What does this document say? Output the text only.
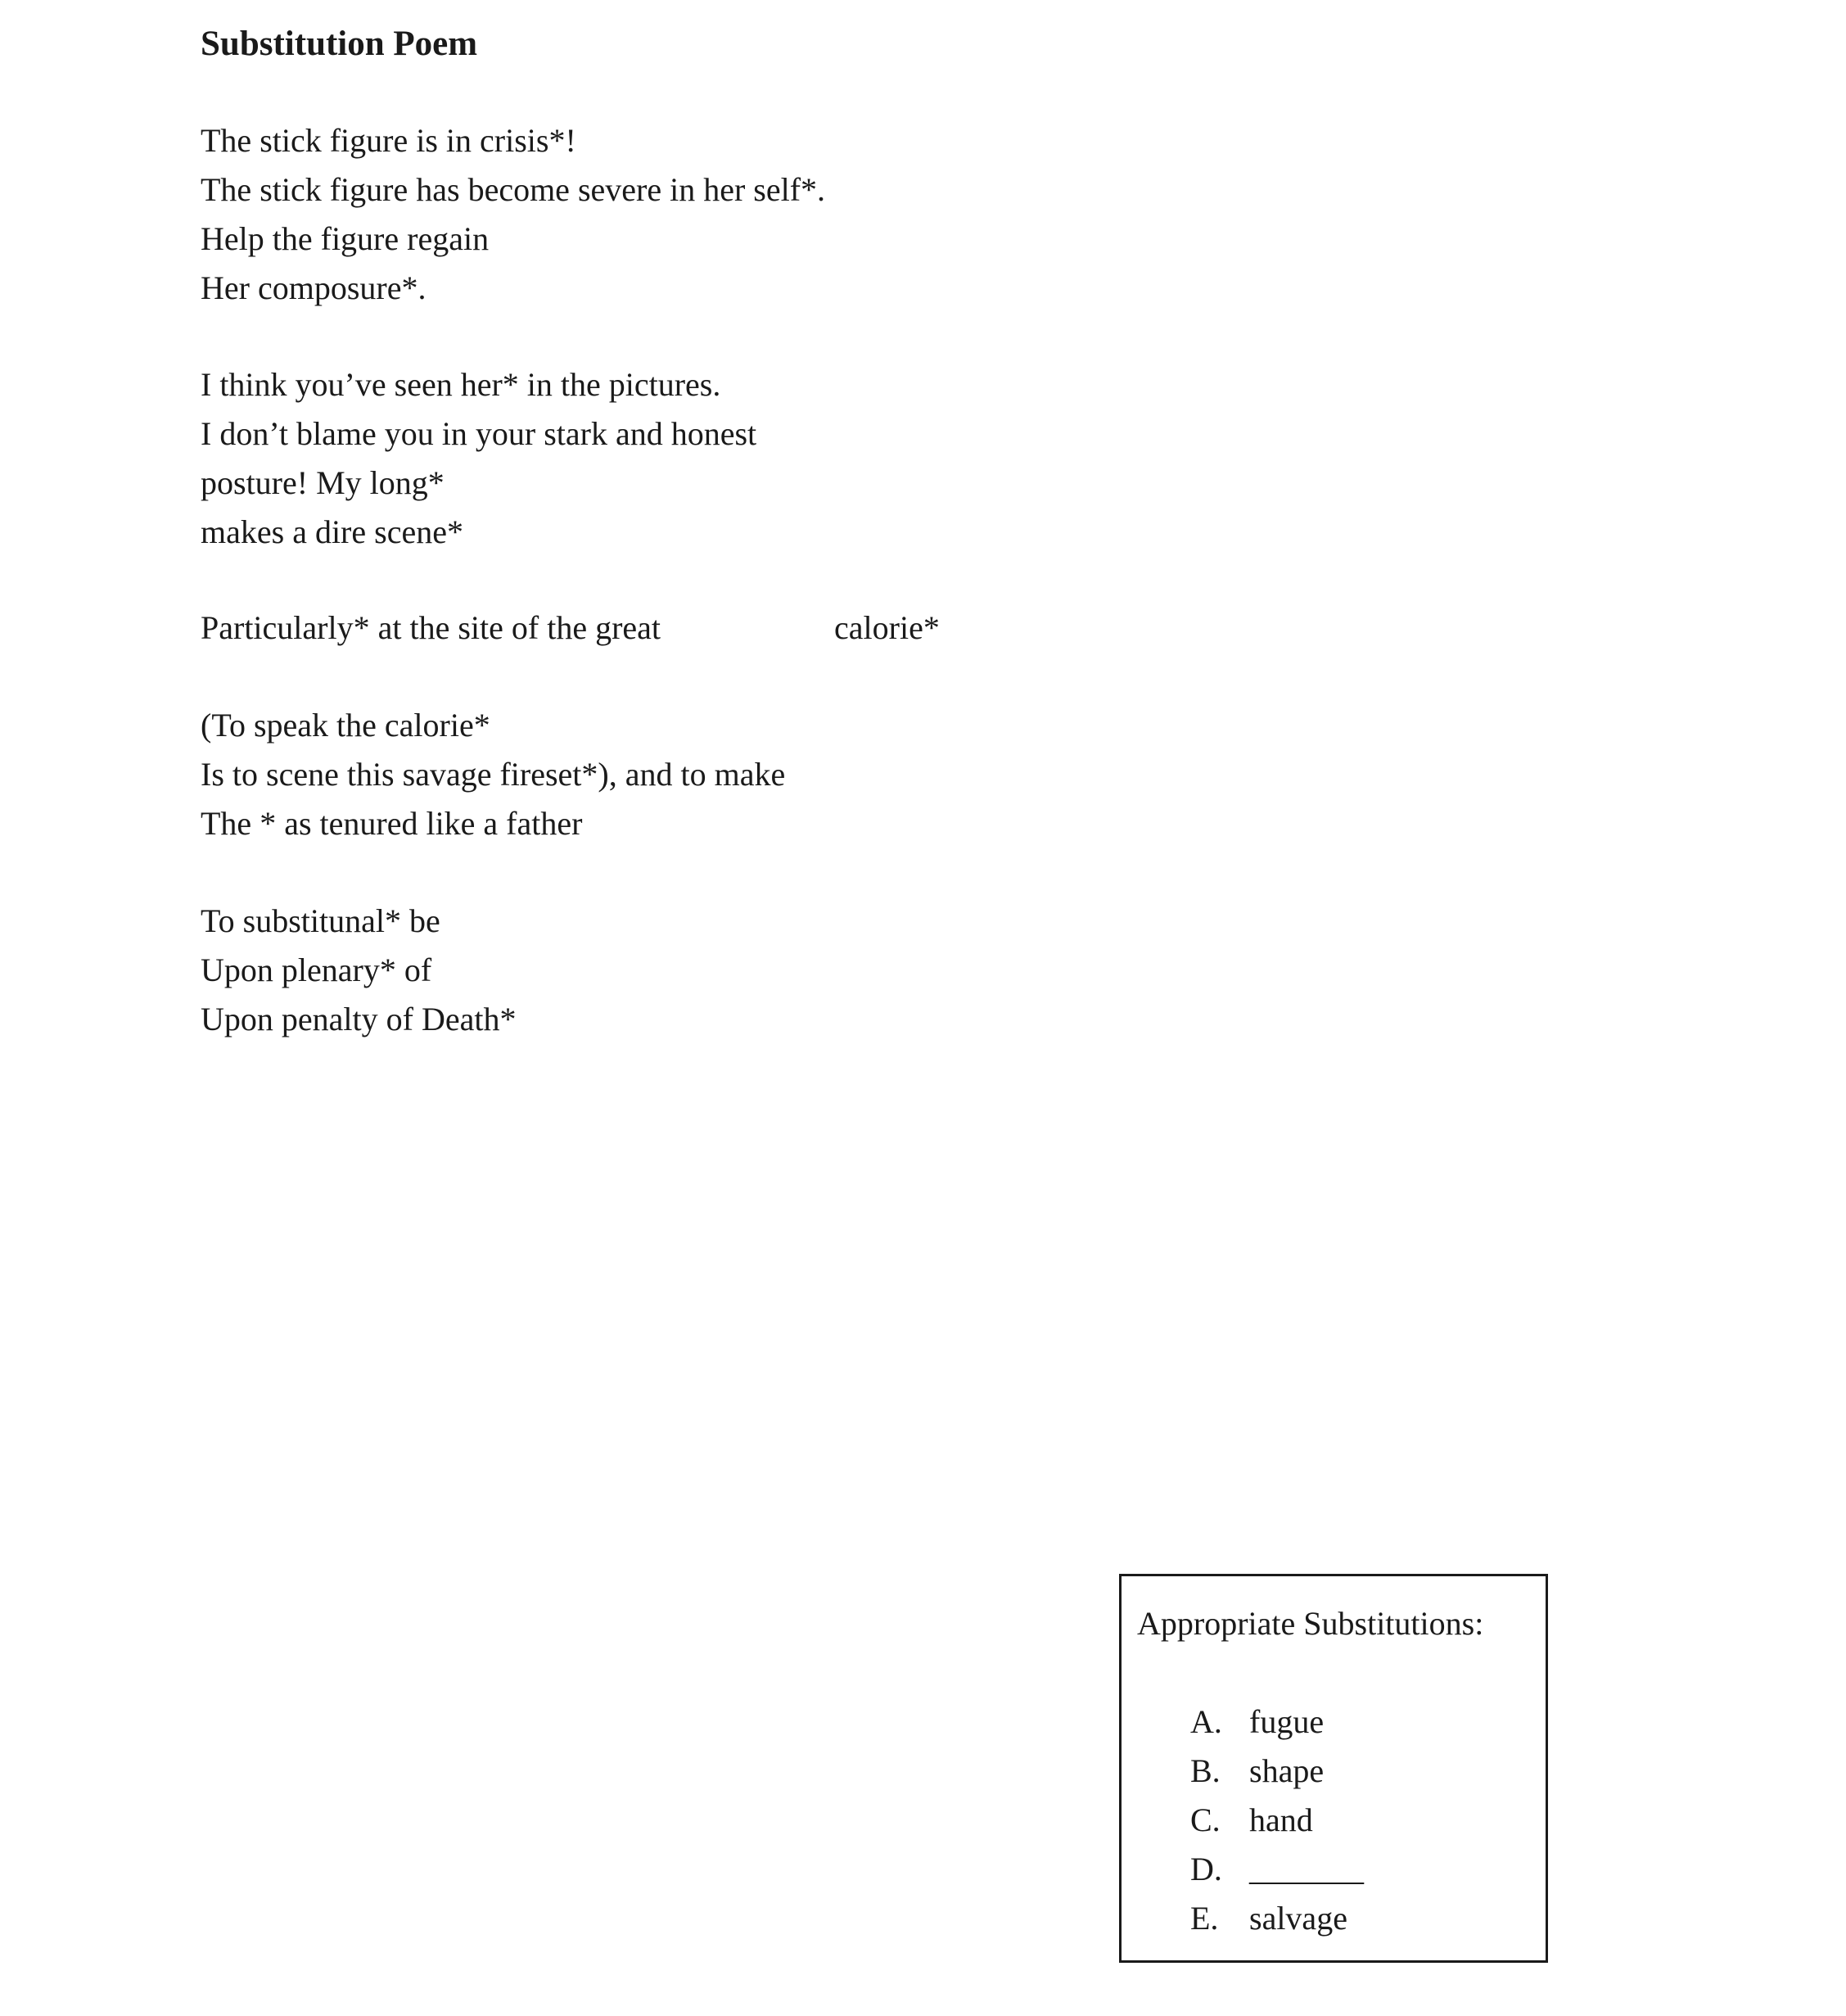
Substitution Poem
The stick figure is in crisis*!
The stick figure has become severe in her self*.
Help the figure regain
Her composure*.
I think you’ve seen her* in the pictures.
I don’t blame you in your stark and honest
posture! My long*
makes a dire scene*
Particularly* at the site of the great	calorie*
(To speak the calorie*
Is to scene this savage fireset*), and to make
The * as tenured like a father
To substitunal* be
Upon plenary* of
Upon penalty of Death*
Appropriate Substitutions:
A. fugue
B. shape
C. hand
D. _______
E. salvage
